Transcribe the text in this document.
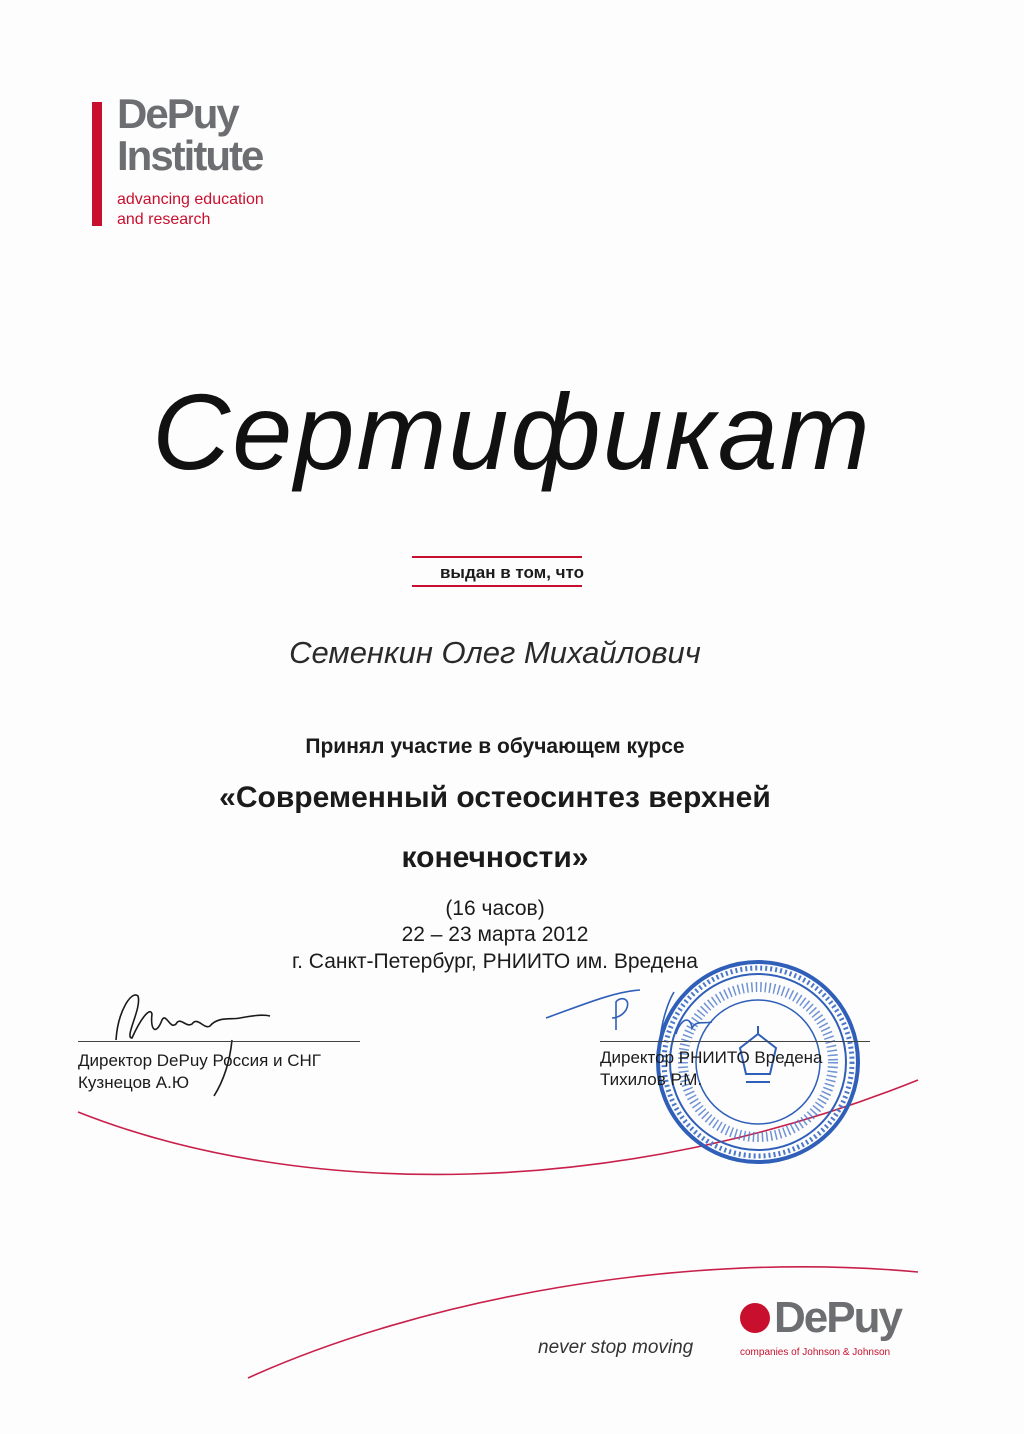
DePuy
Institute
advancing education
and research
Сертификат
выдан в том, что
Семенкин Олег Михайлович
Принял участие в обучающем курсе
«Современный остеосинтез верхней
конечности»
(16 часов)
22 – 23 марта 2012
г. Санкт-Петербург, РНИИТО им. Вредена
Директор DePuy Россия и СНГ
Кузнецов А.Ю
Директор РНИИТО Вредена
Тихилов Р.М.
never stop moving
DePuy
companies of Johnson & Johnson
